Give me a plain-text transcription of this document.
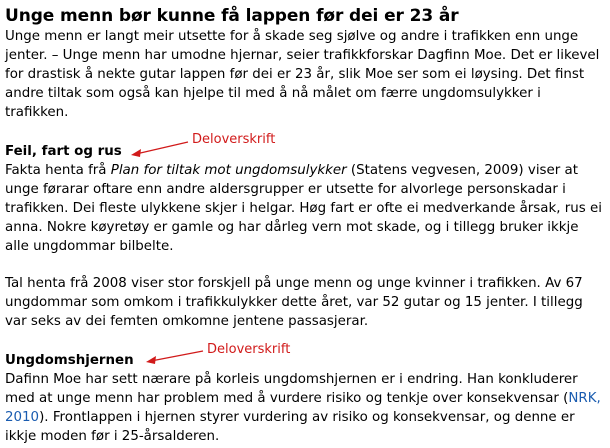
Unge menn bør kunne få lappen før dei er 23 år

Unge menn er langt meir utsette for å skade seg sjølve og andre i trafikken enn unge jenter. – Unge menn har umodne hjernar, seier trafikkforskar Dagfinn Moe. Det er likevel for drastisk å nekte gutar lappen før dei er 23 år, slik Moe ser som ei løysing. Det finst andre tiltak som også kan hjelpe til med å nå målet om færre ungdomsulykker i trafikken.

Feil, fart og rus

Fakta henta frå Plan for tiltak mot ungdomsulykker (Statens vegvesen, 2009) viser at unge førarar oftare enn andre aldersgrupper er utsette for alvorlege personskadar i trafikken. Dei fleste ulykkene skjer i helgar. Høg fart er ofte ei medverkande årsak, rus ei anna. Nokre køyretøy er gamle og har dårleg vern mot skade, og i tillegg bruker ikkje alle ungdommar bilbelte.

Tal henta frå 2008 viser stor forskjell på unge menn og unge kvinner i trafikken. Av 67 ungdommar som omkom i trafikkulykker dette året, var 52 gutar og 15 jenter. I tillegg var seks av dei femten omkomne jentene passasjerar.

Ungdomshjernen

Dafinn Moe har sett nærare på korleis ungdomshjernen er i endring. Han konkluderer med at unge menn har problem med å vurdere risiko og tenkje over konsekvensar (NRK, 2010). Frontlappen i hjernen styrer vurdering av risiko og konsekvensar, og denne er ikkje moden før i 25-årsalderen.

Deloverskrift
Deloverskrift
